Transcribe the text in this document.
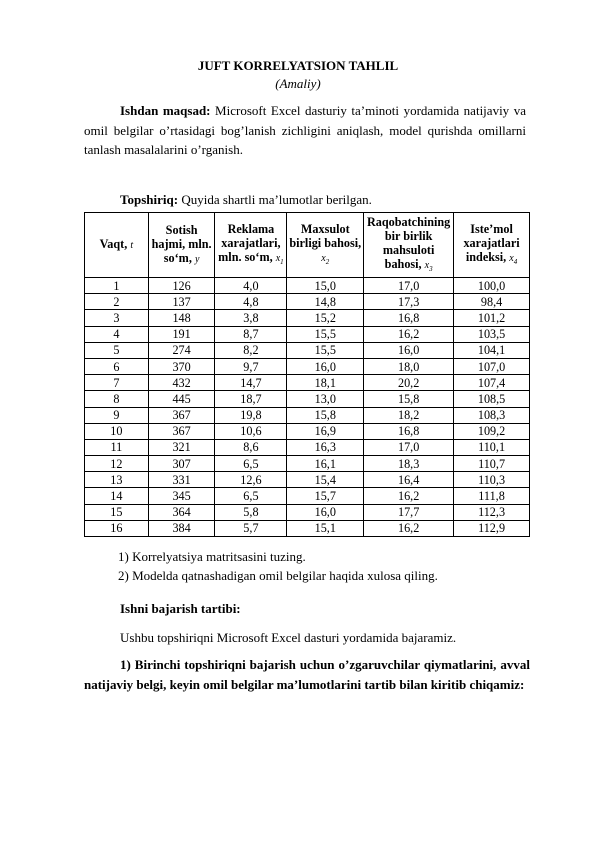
JUFT KORRELYATSION TAHLIL
(Amaliy)
Ishdan maqsad: Microsoft Excel dasturiy ta’minoti yordamida natijaviy va omil belgilar o’rtasidagi bog’lanish zichligini aniqlash, model qurishda omillarni tanlash masalalarini o’rganish.
Topshiriq: Quyida shartli ma’lumotlar berilgan.
Vaqt, t	Sotish hajmi, mln. so‘m, y	Reklama xarajatlari, mln. so‘m, $x_1$	Maxsulot birligi bahosi, $x_2$	Raqobatchining bir birlik mahsuloti bahosi, $x_3$	Iste’mol xarajatlari indeksi, $x_4$
1	126	4,0	15,0	17,0	100,0
2	137	4,8	14,8	17,3	98,4
3	148	3,8	15,2	16,8	101,2
4	191	8,7	15,5	16,2	103,5
5	274	8,2	15,5	16,0	104,1
6	370	9,7	16,0	18,0	107,0
7	432	14,7	18,1	20,2	107,4
8	445	18,7	13,0	15,8	108,5
9	367	19,8	15,8	18,2	108,3
10	367	10,6	16,9	16,8	109,2
11	321	8,6	16,3	17,0	110,1
12	307	6,5	16,1	18,3	110,7
13	331	12,6	15,4	16,4	110,3
14	345	6,5	15,7	16,2	111,8
15	364	5,8	16,0	17,7	112,3
16	384	5,7	15,1	16,2	112,9
1) Korrelyatsiya matritsasini tuzing.
2) Modelda qatnashadigan omil belgilar haqida xulosa qiling.
Ishni bajarish tartibi:
Ushbu topshiriqni Microsoft Excel dasturi yordamida bajaramiz.
1) Birinchi topshiriqni bajarish uchun o’zgaruvchilar qiymatlarini, avval natijaviy belgi, keyin omil belgilar ma’lumotlarini tartib bilan kiritib chiqamiz:
